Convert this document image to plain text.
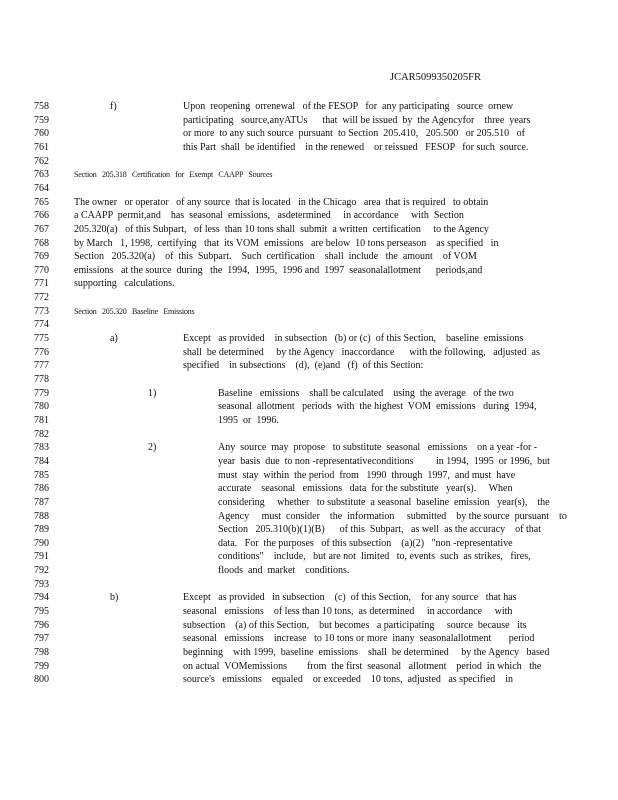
JCAR5099350205FR
758	f)	Upon  reopening  orrenewal   of the FESOP   for  any participating   source  ornew
759	participating   source,anyATUs      that  will be issued  by  the Agencyfor    three  years
760	or more  to any such source  pursuant  to Section  205.410,   205.500   or 205.510   of
761	this Part  shall  be identified    in the renewed    or reissued   FESOP   for such  source.
762
763	Section   205.318   Certification   for   Exempt   CAAPP   Sources
764
765	The owner   or operator   of any source  that is located   in the Chicago   area  that is required   to obtain
766	a CAAPP  permit,and    has  seasonal  emissions,   asdetermined     in accordance     with  Section
767	205.320(a)   of this Subpart,   of less  than 10 tons shall  submit  a written  certification     to the Agency
768	by March   1, 1998,  certifying   that  its VOM  emissions   are below  10 tons perseason    as specified   in
769	Section   205.320(a)    of  this  Subpart.    Such  certification    shall  include   the  amount    of VOM
770	emissions   at the source  during   the  1994,  1995,  1996 and  1997  seasonalallotment      periods,and
771	supporting   calculations.
772
773	Section   205.320   Baseline   Emissions
774
775	a)	Except   as provided    in subsection   (b) or (c)  of this Section,    baseline  emissions
776	shall  be determined     by the Agency   inaccordance      with the following,   adjusted  as
777	specified    in subsections    (d),  (e)and   (f)  of this Section:
778
779	1)	Baseline   emissions    shall be calculated    using  the average   of the two
780	seasonal  allotment   periods  with  the highest  VOM  emissions   during  1994,
781	1995  or  1996.
782
783	2)	Any  source  may  propose   to substitute  seasonal   emissions    on a year -for -
784	year  basis  due  to non -representativeconditions         in 1994,  1995  or 1996,  but
785	must  stay  within  the period  from   1990  through  1997,  and must  have
786	accurate    seasonal   emissions   data  for the substitute   year(s).     When
787	considering     whether   to substitute  a seasonal  baseline  emission   year(s),    the
788	Agency     must  consider    the  information     submitted    by the source  pursuant    to
789	Section   205.310(b)(1)(B)      of this  Subpart,   as well  as the accuracy    of that
790	data.   For  the purposes   of this subsection    (a)(2)   "non -representative
791	conditions"    include,   but are not  limited   to, events  such  as strikes,   fires,
792	floods  and  market    conditions.
793
794	b)	Except   as provided   in subsection    (c)  of this Section,    for any source   that has
795	seasonal   emissions    of less than 10 tons,  as determined     in accordance     with
796	subsection    (a) of this Section,    but becomes   a participating     source  because   its
797	seasonal   emissions    increase   to 10 tons or more  inany  seasonalallotment       period
798	beginning    with 1999,  baseline  emissions    shall  be determined     by the Agency   based
799	on actual  VOMemissions        from  the first  seasonal   allotment    period  in which   the
800	source's   emissions    equaled    or exceeded    10 tons,  adjusted   as specified    in
